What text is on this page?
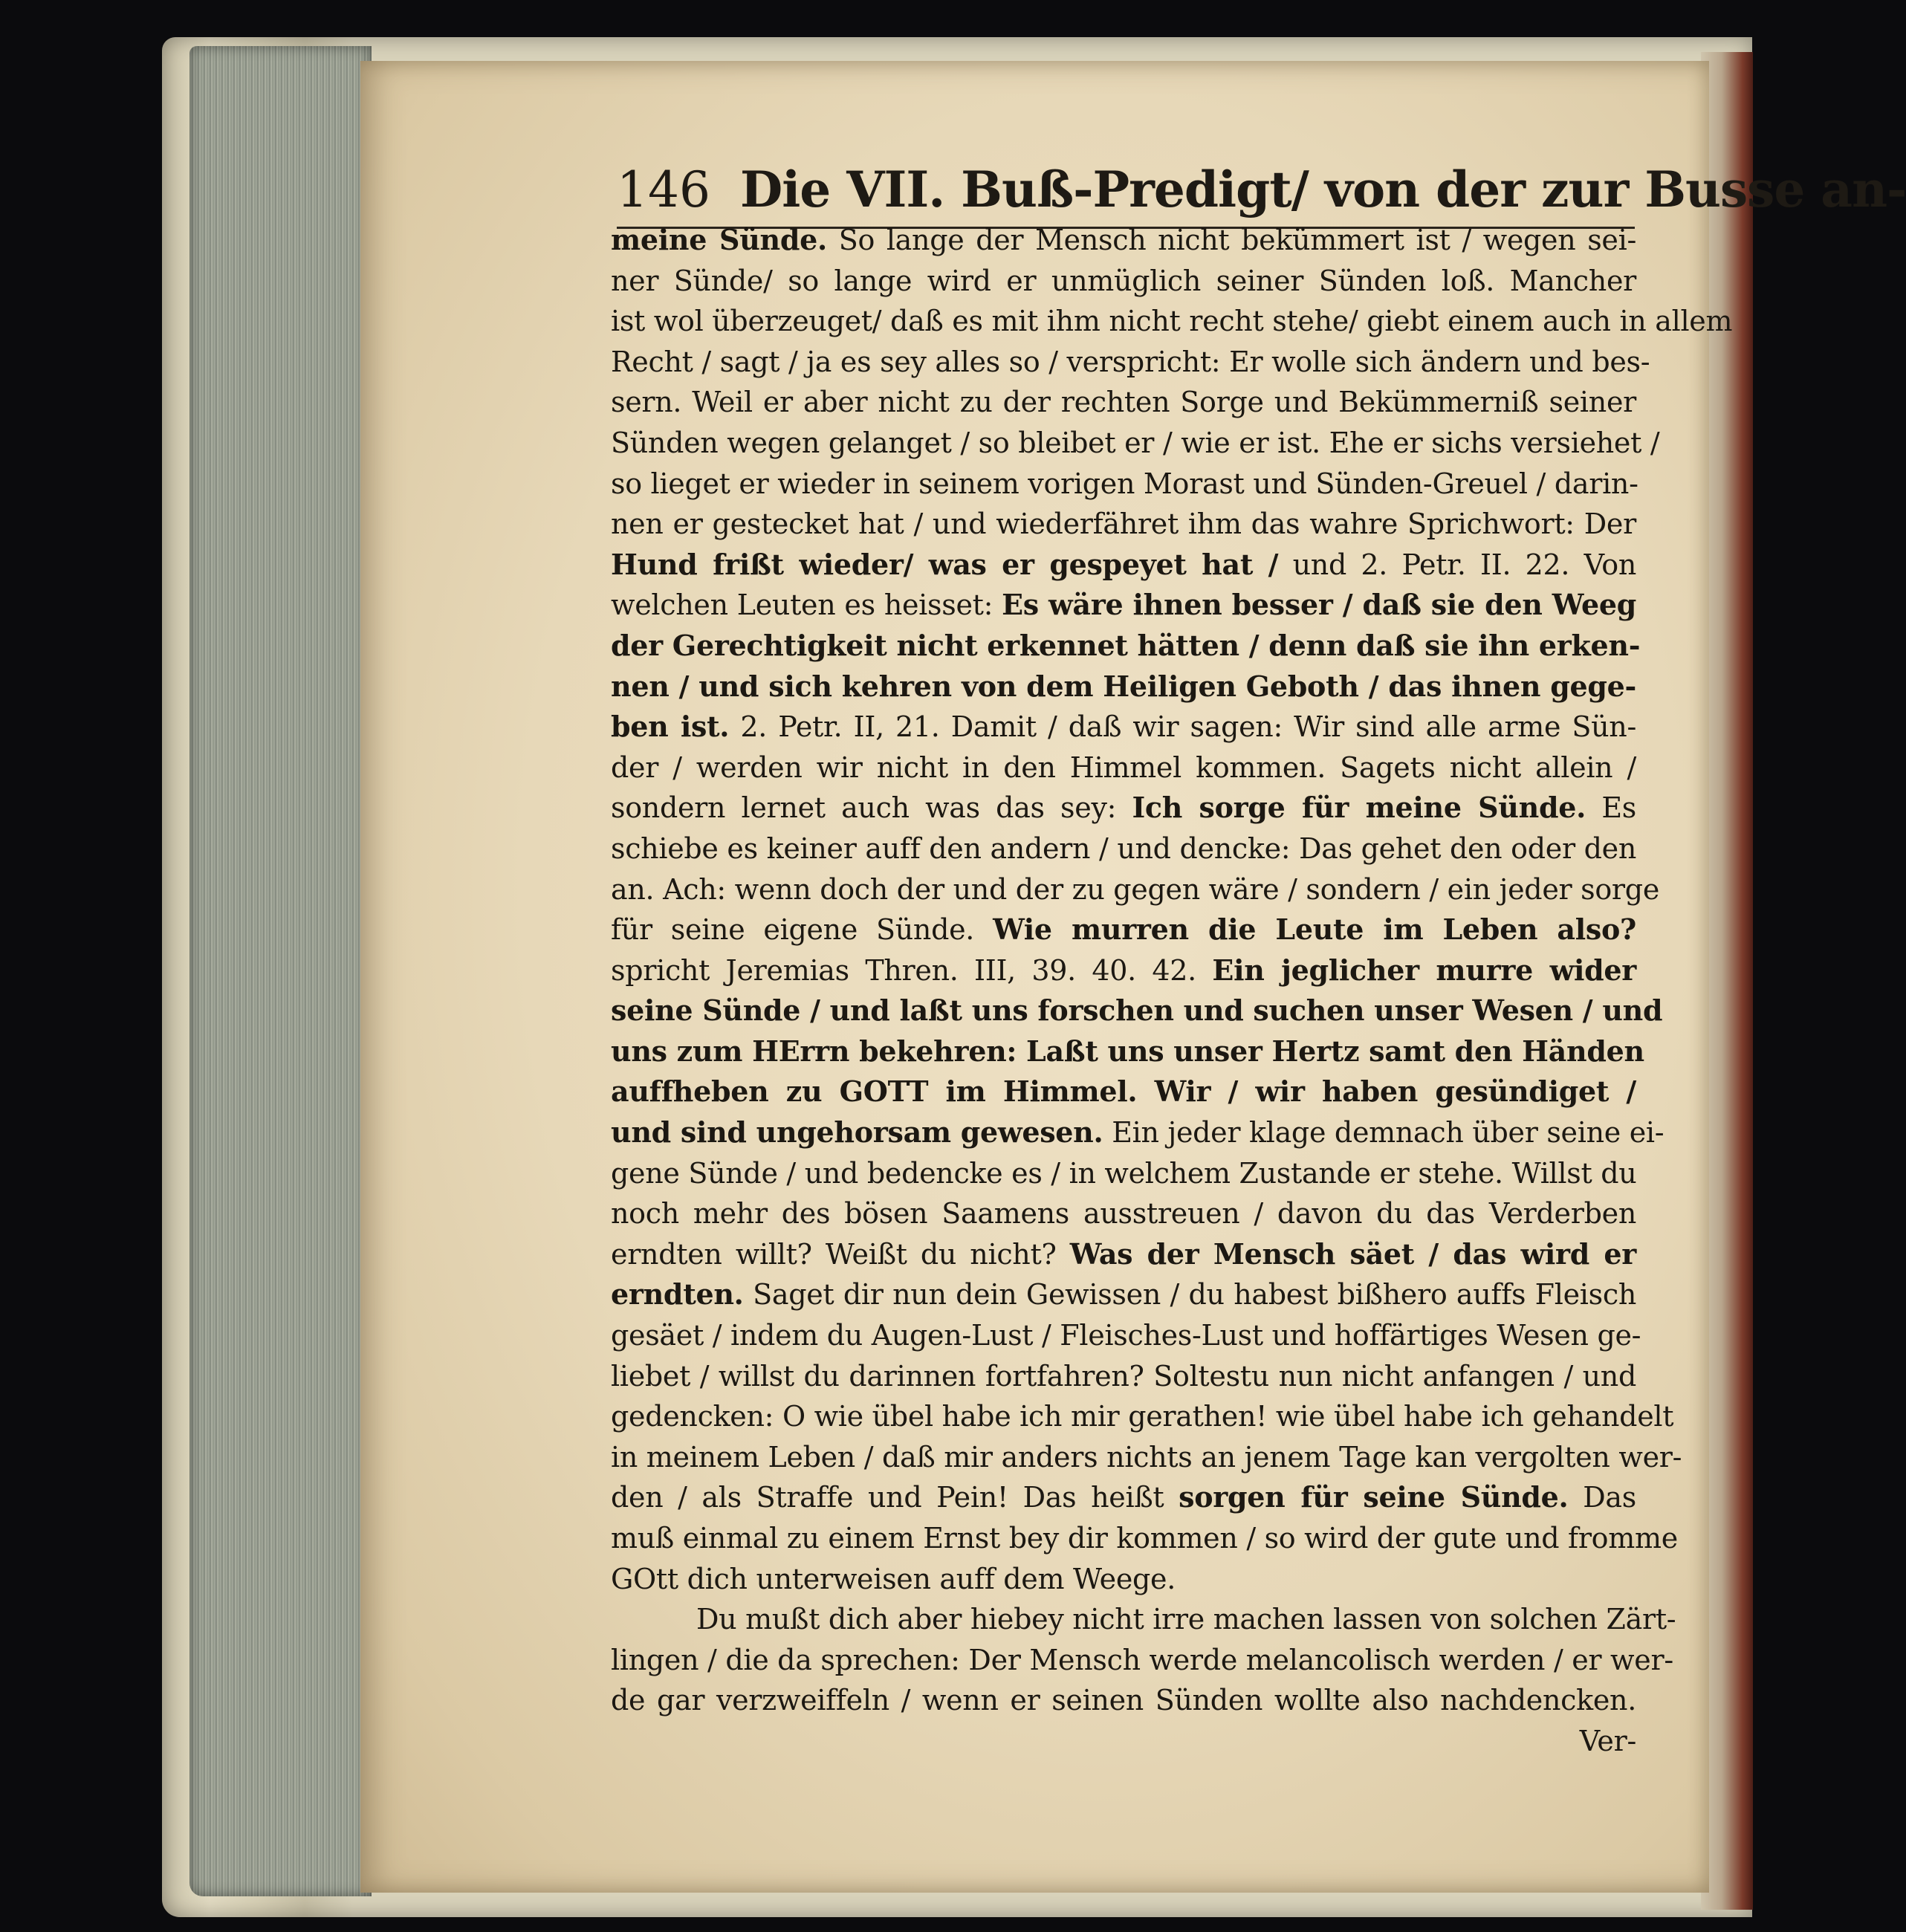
146 Die VII. Buß-Predigt/ von der zur Busse an-
meine Sünde. So lange der Mensch nicht bekümmert ist / wegen sei-
ner Sünde/ so lange wird er unmüglich seiner Sünden loß. Mancher
ist wol überzeuget/ daß es mit ihm nicht recht stehe/ giebt einem auch in allem
Recht / sagt / ja es sey alles so / verspricht: Er wolle sich ändern und bes-
sern. Weil er aber nicht zu der rechten Sorge und Bekümmerniß seiner
Sünden wegen gelanget / so bleibet er / wie er ist. Ehe er sichs versiehet /
so lieget er wieder in seinem vorigen Morast und Sünden-Greuel / darin-
nen er gestecket hat / und wiederfähret ihm das wahre Sprichwort: Der
Hund frißt wieder/ was er gespeyet hat / und 2. Petr. II. 22. Von
welchen Leuten es heisset: Es wäre ihnen besser / daß sie den Weeg
der Gerechtigkeit nicht erkennet hätten / denn daß sie ihn erken-
nen / und sich kehren von dem Heiligen Geboth / das ihnen gege-
ben ist. 2. Petr. II, 21. Damit / daß wir sagen: Wir sind alle arme Sün-
der / werden wir nicht in den Himmel kommen. Sagets nicht allein /
sondern lernet auch was das sey: Ich sorge für meine Sünde. Es
schiebe es keiner auff den andern / und dencke: Das gehet den oder den
an. Ach: wenn doch der und der zu gegen wäre / sondern / ein jeder sorge
für seine eigene Sünde. Wie murren die Leute im Leben also?
spricht Jeremias Thren. III, 39. 40. 42. Ein jeglicher murre wider
seine Sünde / und laßt uns forschen und suchen unser Wesen / und
uns zum HErrn bekehren: Laßt uns unser Hertz samt den Händen
auffheben zu GOTT im Himmel. Wir / wir haben gesündiget /
und sind ungehorsam gewesen. Ein jeder klage demnach über seine ei-
gene Sünde / und bedencke es / in welchem Zustande er stehe. Willst du
noch mehr des bösen Saamens ausstreuen / davon du das Verderben
erndten willt? Weißt du nicht? Was der Mensch säet / das wird er
erndten. Saget dir nun dein Gewissen / du habest bißhero auffs Fleisch
gesäet / indem du Augen-Lust / Fleisches-Lust und hoffärtiges Wesen ge-
liebet / willst du darinnen fortfahren? Soltestu nun nicht anfangen / und
gedencken: O wie übel habe ich mir gerathen! wie übel habe ich gehandelt
in meinem Leben / daß mir anders nichts an jenem Tage kan vergolten wer-
den / als Straffe und Pein! Das heißt sorgen für seine Sünde. Das
muß einmal zu einem Ernst bey dir kommen / so wird der gute und fromme
GOtt dich unterweisen auff dem Weege.
Du mußt dich aber hiebey nicht irre machen lassen von solchen Zärt-
lingen / die da sprechen: Der Mensch werde melancolisch werden / er wer-
de gar verzweiffeln / wenn er seinen Sünden wollte also nachdencken.
Ver-
